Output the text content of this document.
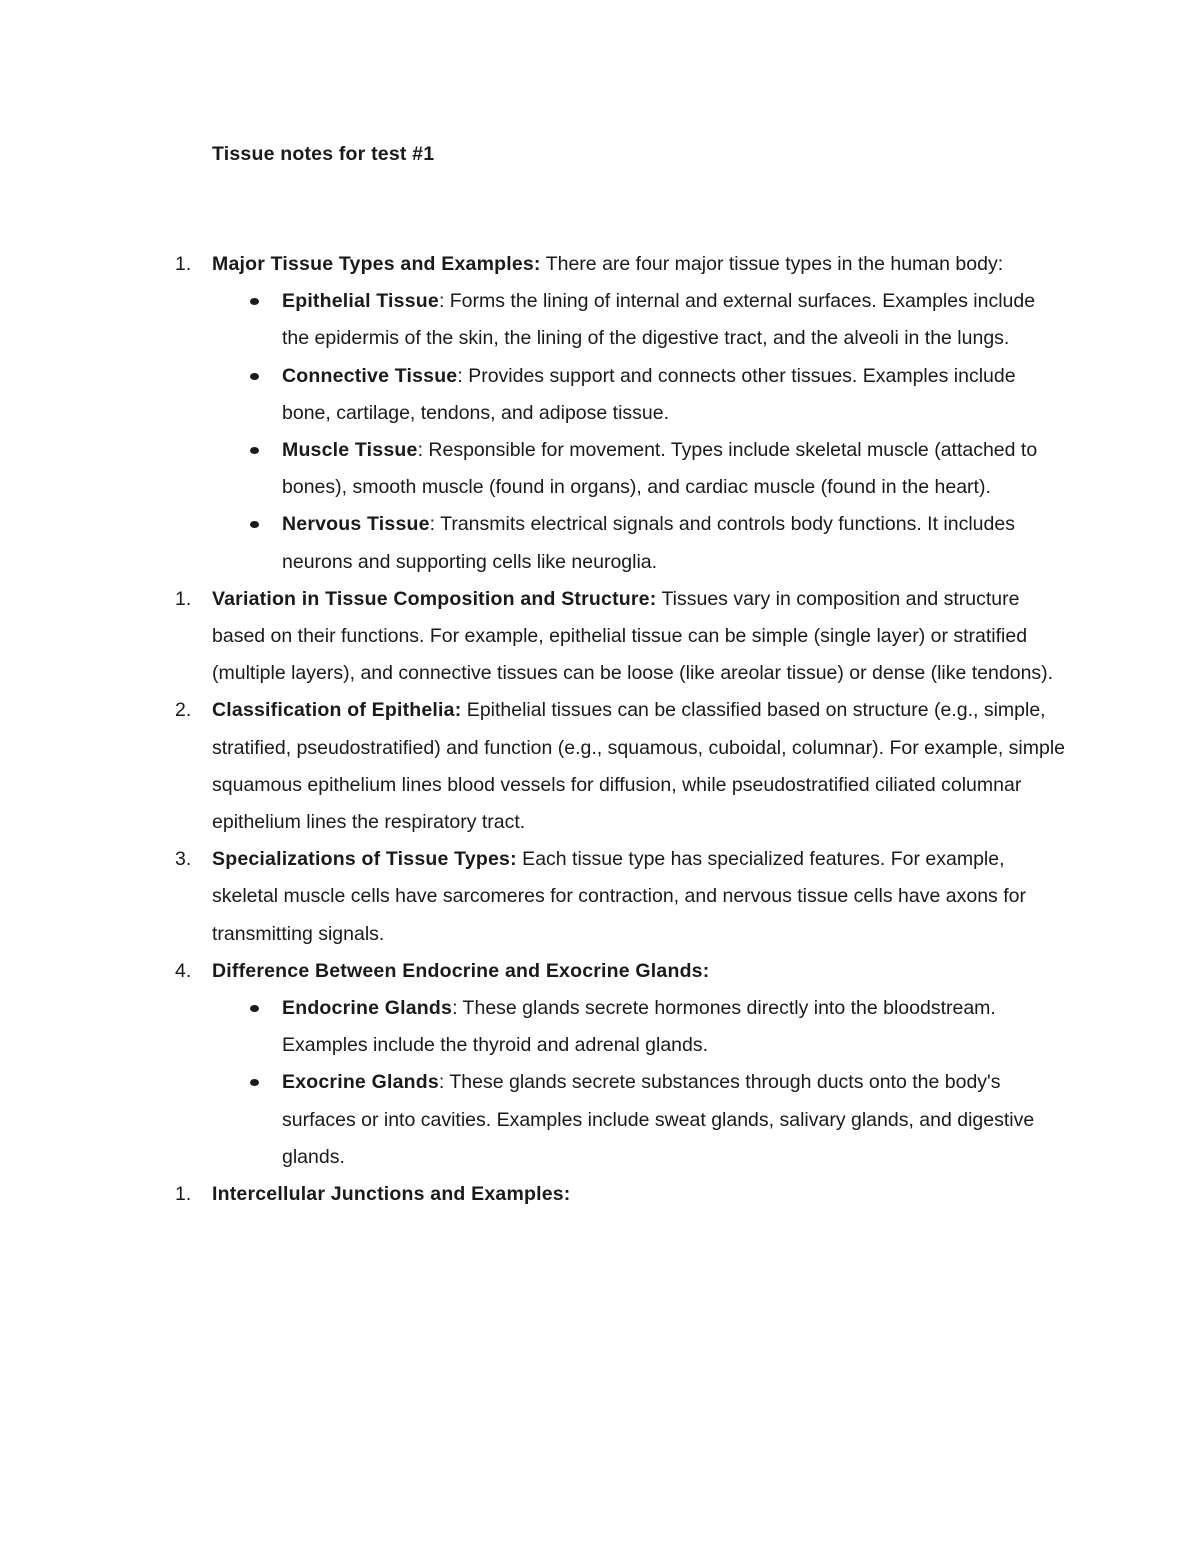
Tissue notes for test #1
1.	Major Tissue Types and Examples: There are four major tissue types in the human body:
Epithelial Tissue: Forms the lining of internal and external surfaces. Examples include the epidermis of the skin, the lining of the digestive tract, and the alveoli in the lungs.
Connective Tissue: Provides support and connects other tissues. Examples include bone, cartilage, tendons, and adipose tissue.
Muscle Tissue: Responsible for movement. Types include skeletal muscle (attached to bones), smooth muscle (found in organs), and cardiac muscle (found in the heart).
Nervous Tissue: Transmits electrical signals and controls body functions. It includes neurons and supporting cells like neuroglia.
1.	Variation in Tissue Composition and Structure: Tissues vary in composition and structure based on their functions. For example, epithelial tissue can be simple (single layer) or stratified (multiple layers), and connective tissues can be loose (like areolar tissue) or dense (like tendons).
2.	Classification of Epithelia: Epithelial tissues can be classified based on structure (e.g., simple, stratified, pseudostratified) and function (e.g., squamous, cuboidal, columnar). For example, simple squamous epithelium lines blood vessels for diffusion, while pseudostratified ciliated columnar epithelium lines the respiratory tract.
3.	Specializations of Tissue Types: Each tissue type has specialized features. For example, skeletal muscle cells have sarcomeres for contraction, and nervous tissue cells have axons for transmitting signals.
4.	Difference Between Endocrine and Exocrine Glands:
Endocrine Glands: These glands secrete hormones directly into the bloodstream. Examples include the thyroid and adrenal glands.
Exocrine Glands: These glands secrete substances through ducts onto the body's surfaces or into cavities. Examples include sweat glands, salivary glands, and digestive glands.
1.	Intercellular Junctions and Examples:
